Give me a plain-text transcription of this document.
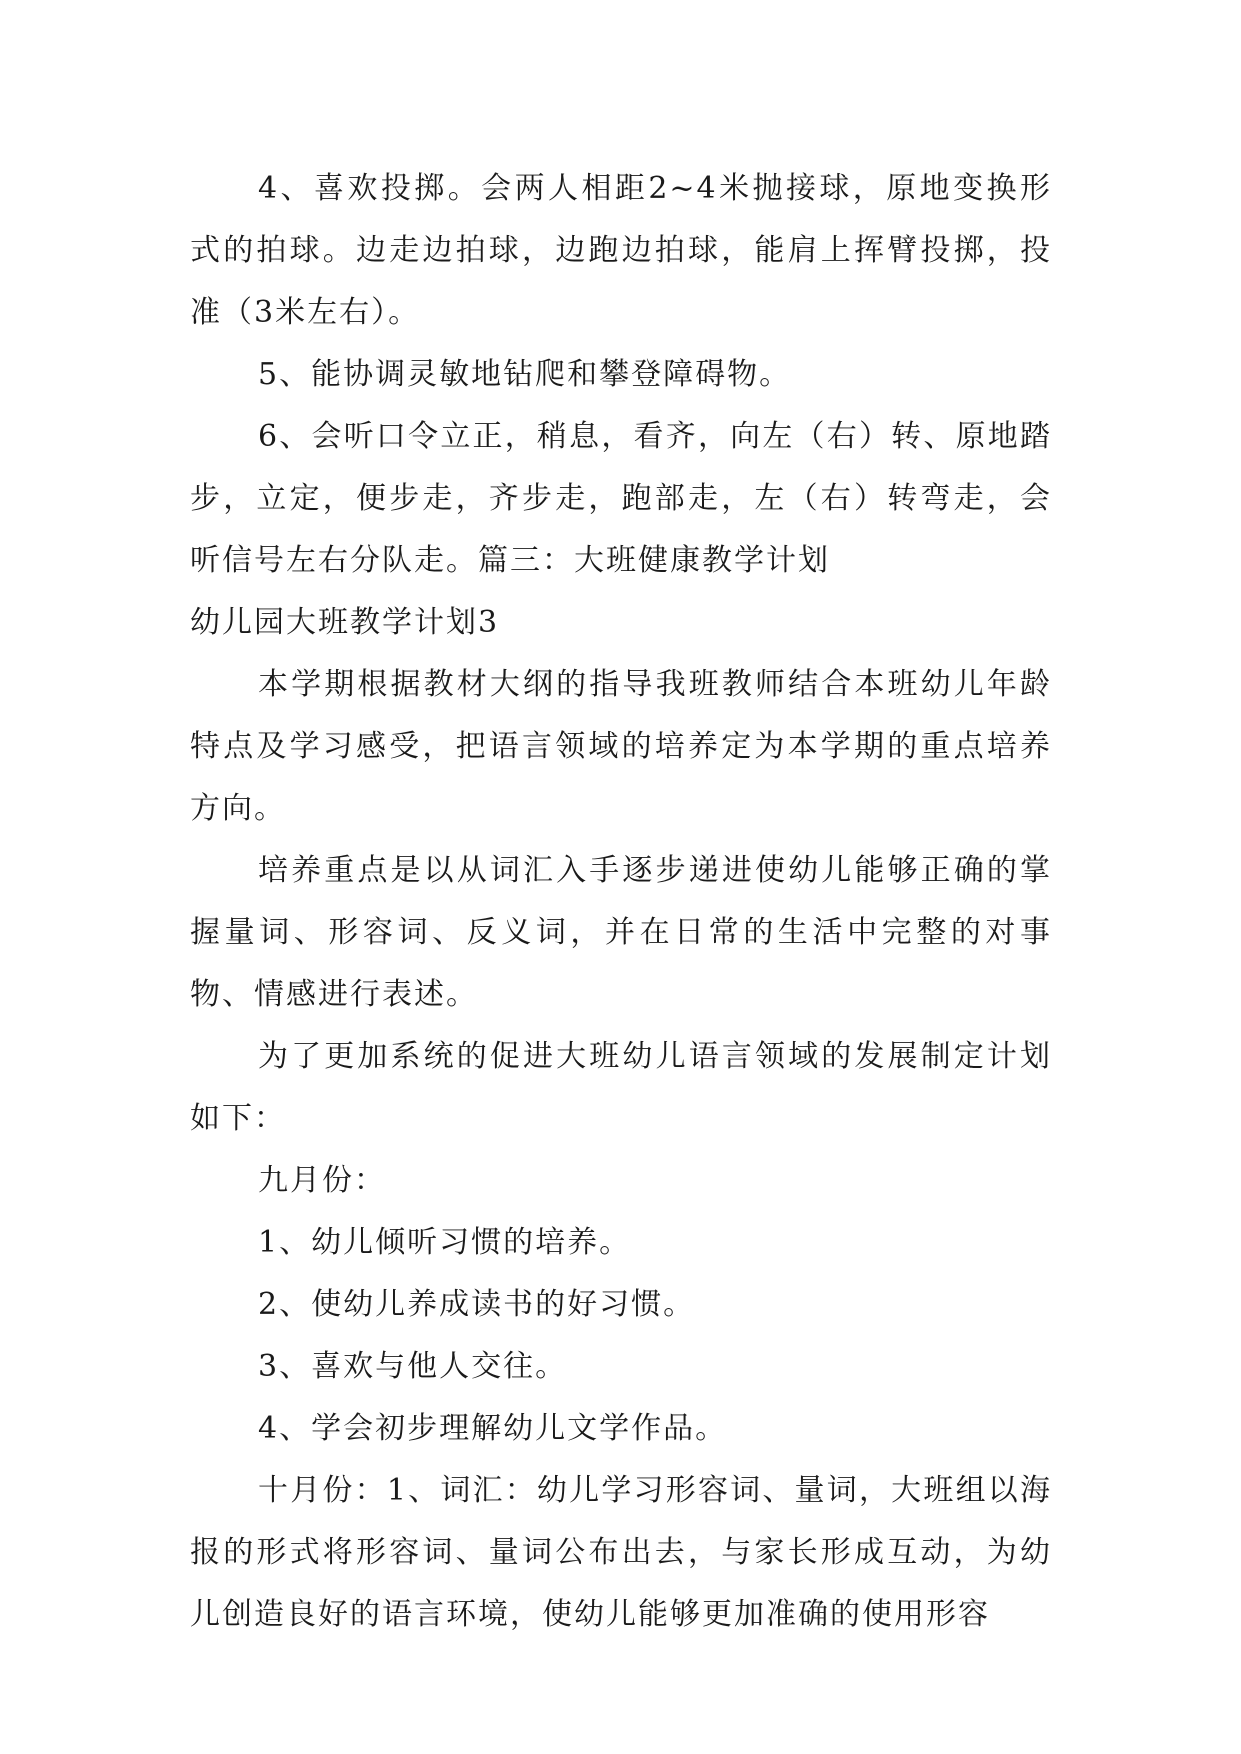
4、喜欢投掷。会两人相距2~4米抛接球，原地变换形式的拍球。边走边拍球，边跑边拍球，能肩上挥臂投掷，投准（3米左右）。

5、能协调灵敏地钻爬和攀登障碍物。

6、会听口令立正，稍息，看齐，向左（右）转、原地踏步，立定，便步走，齐步走，跑部走，左（右）转弯走，会听信号左右分队走。篇三：大班健康教学计划

幼儿园大班教学计划3

本学期根据教材大纲的指导我班教师结合本班幼儿年龄特点及学习感受，把语言领域的培养定为本学期的重点培养方向。

培养重点是以从词汇入手逐步递进使幼儿能够正确的掌握量词、形容词、反义词，并在日常的生活中完整的对事物、情感进行表述。

为了更加系统的促进大班幼儿语言领域的发展制定计划如下：

九月份：

1、幼儿倾听习惯的培养。

2、使幼儿养成读书的好习惯。

3、喜欢与他人交往。

4、学会初步理解幼儿文学作品。

十月份：1、词汇：幼儿学习形容词、量词，大班组以海报的形式将形容词、量词公布出去，与家长形成互动，为幼儿创造良好的语言环境，使幼儿能够更加准确的使用形容
